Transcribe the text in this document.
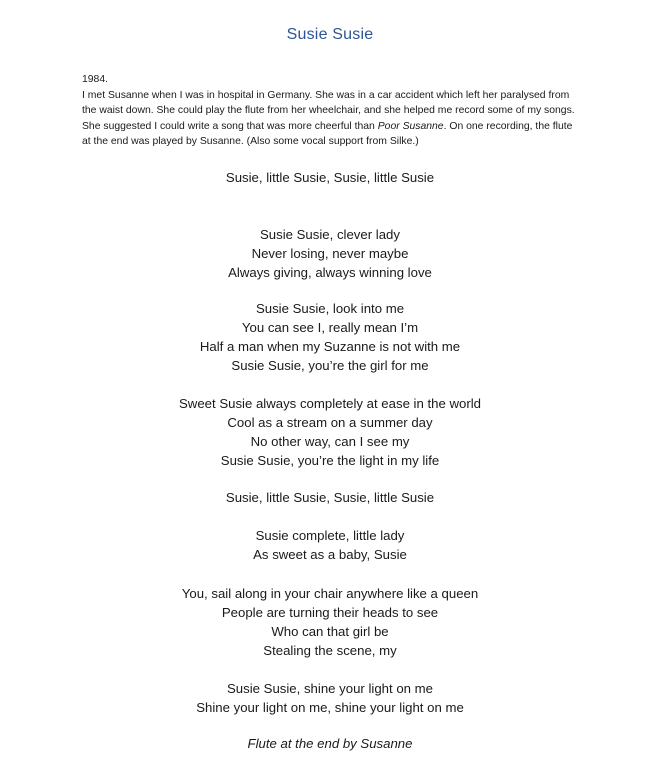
Susie Susie
1984.
I met Susanne when I was in hospital in Germany. She was in a car accident which left her paralysed from the waist down. She could play the flute from her wheelchair, and she helped me record some of my songs. She suggested I could write a song that was more cheerful than Poor Susanne. On one recording, the flute at the end was played by Susanne. (Also some vocal support from Silke.)
Susie, little Susie, Susie, little Susie
Susie Susie, clever lady
Never losing, never maybe
Always giving, always winning love
Susie Susie, look into me
You can see I, really mean I’m
Half a man when my Suzanne is not with me
Susie Susie, you’re the girl for me
Sweet Susie always completely at ease in the world
Cool as a stream on a summer day
No other way, can I see my
Susie Susie, you’re the light in my life
Susie, little Susie, Susie, little Susie
Susie complete, little lady
As sweet as a baby, Susie
You, sail along in your chair anywhere like a queen
People are turning their heads to see
Who can that girl be
Stealing the scene, my
Susie Susie, shine your light on me
Shine your light on me, shine your light on me
Flute at the end by Susanne
